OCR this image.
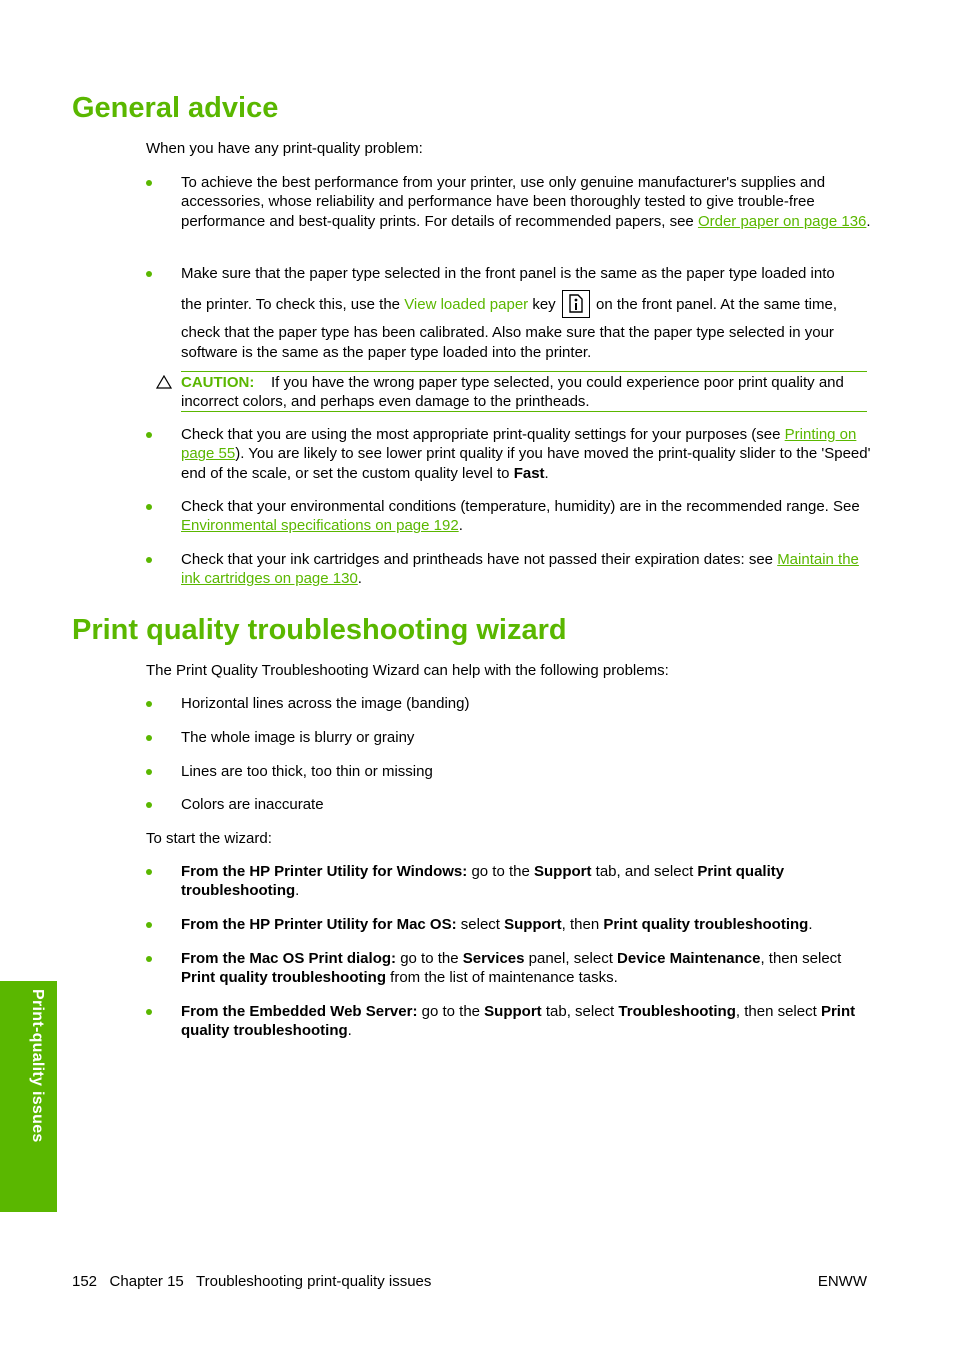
General advice

When you have any print-quality problem:

To achieve the best performance from your printer, use only genuine manufacturer's supplies and accessories, whose reliability and performance have been thoroughly tested to give trouble-free performance and best-quality prints. For details of recommended papers, see Order paper on page 136.
Make sure that the paper type selected in the front panel is the same as the paper type loaded into
the printer. To check this, use the View loaded paper key  on the front panel. At the same time,
check that the paper type has been calibrated. Also make sure that the paper type selected in your software is the same as the paper type loaded into the printer.
CAUTION: If you have the wrong paper type selected, you could experience poor print quality and incorrect colors, and perhaps even damage to the printheads.
Check that you are using the most appropriate print-quality settings for your purposes (see Printing on page 55). You are likely to see lower print quality if you have moved the print-quality slider to the 'Speed' end of the scale, or set the custom quality level to Fast.
Check that your environmental conditions (temperature, humidity) are in the recommended range. See Environmental specifications on page 192.
Check that your ink cartridges and printheads have not passed their expiration dates: see Maintain the ink cartridges on page 130.
Print quality troubleshooting wizard

The Print Quality Troubleshooting Wizard can help with the following problems:

Horizontal lines across the image (banding)

The whole image is blurry or grainy

Lines are too thick, too thin or missing

Colors are inaccurate

To start the wizard:

From the HP Printer Utility for Windows: go to the Support tab, and select Print quality troubleshooting.
From the HP Printer Utility for Mac OS: select Support, then Print quality troubleshooting.
From the Mac OS Print dialog: go to the Services panel, select Device Maintenance, then select Print quality troubleshooting from the list of maintenance tasks.
From the Embedded Web Server: go to the Support tab, select Troubleshooting, then select Print quality troubleshooting.
Print-quality issues

152 Chapter 15 Troubleshooting print-quality issues	ENWW
